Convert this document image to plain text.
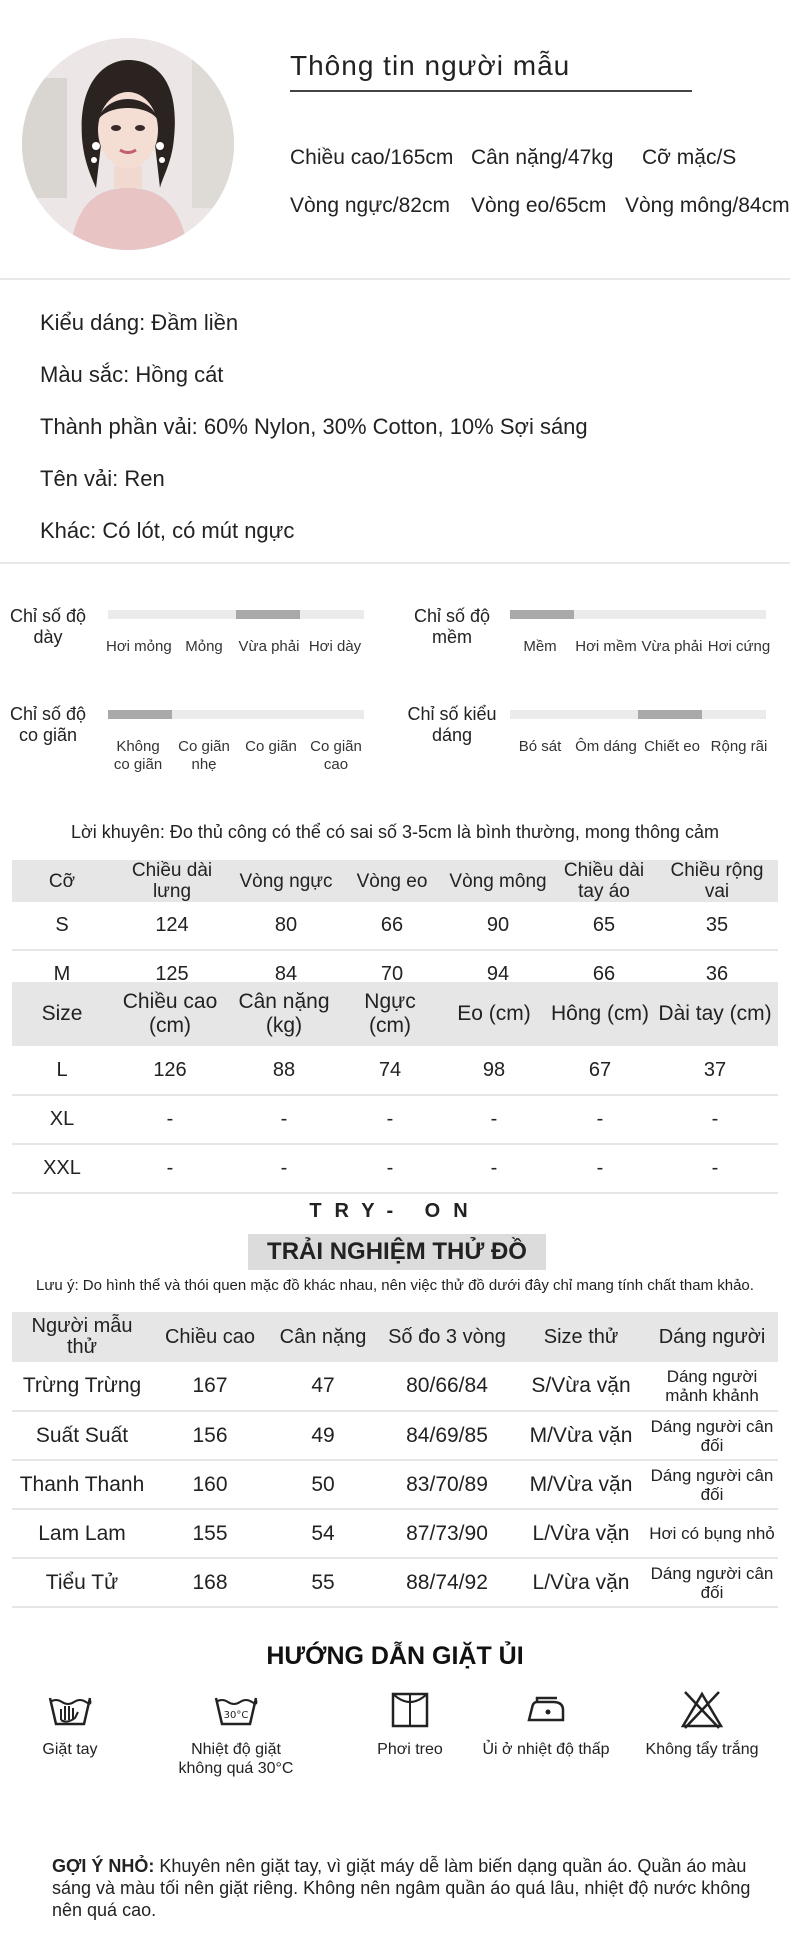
Thông tin người mẫu
Chiều cao/165cm Cân nặng/47kg Cỡ mặc/S
Vòng ngực/82cm Vòng eo/65cm Vòng mông/84cm
Kiểu dáng: Đầm liền
Màu sắc: Hồng cát
Thành phần vải: 60% Nylon, 30% Cotton, 10% Sợi sáng
Tên vải: Ren
Khác: Có lót, có mút ngực
Chỉ số độ dày	Hơi mỏng Mỏng	Vừa phải Hơi dày
Chỉ số độ mềm	Mềm	Hơi mềm Vừa phải Hơi cứng
Chỉ số độ co giãn
Không co giãn
Co giãn nhẹ
Co giãn Co giãn cao
Chỉ số kiểu dáng
Bó sát Ôm dáng Chiết eo Rộng rãi
Lời khuyên: Đo thủ công có thể có sai số 3-5cm là bình thường, mong thông cảm
Cỡ	Chiều dài lưng	Vòng ngực	Vòng eo	Vòng mông	Chiều dài tay áo	Chiều rộng vai
S	124	80	66	90	65	35
M	125	84	70	94	66	36
Size	Chiều cao (cm)	Cân nặng (kg)	Ngực (cm)	Eo (cm)	Hông (cm)	Dài tay (cm)
L	126	88	74	98	67	37
XL	-	-	-	-	-	-
XXL	-	-	-	-	-	-
TRY- ON
TRẢI NGHIỆM THỬ ĐỒ
Lưu ý: Do hình thể và thói quen mặc đồ khác nhau, nên việc thử đồ dưới đây chỉ mang tính chất tham khảo.
Người mẫu thử	Chiều cao	Cân nặng	Số đo 3 vòng	Size thử	Dáng người
Trừng Trừng	167	47	80/66/84	S/Vừa vặn	Dáng người mảnh khảnh
Suất Suất	156	49	84/69/85	M/Vừa vặn	Dáng người cân đối
Thanh Thanh	160	50	83/70/89	M/Vừa vặn	Dáng người cân đối
Lam Lam	155	54	87/73/90	L/Vừa vặn	Hơi có bụng nhỏ
Tiểu Tử	168	55	88/74/92	L/Vừa vặn	Dáng người cân đối
HƯỚNG DẪN GIẶT ỦI
Giặt tay
30°C
Nhiệt độ giặt không quá 30°C
Phơi treo	Ủi ở nhiệt độ thấp	Không tẩy trắng
GỢI Ý NHỎ: Khuyên nên giặt tay, vì giặt máy dễ làm biến dạng quần áo. Quần áo màu sáng và màu tối nên giặt riêng. Không nên ngâm quần áo quá lâu, nhiệt độ nước không nên quá cao.
